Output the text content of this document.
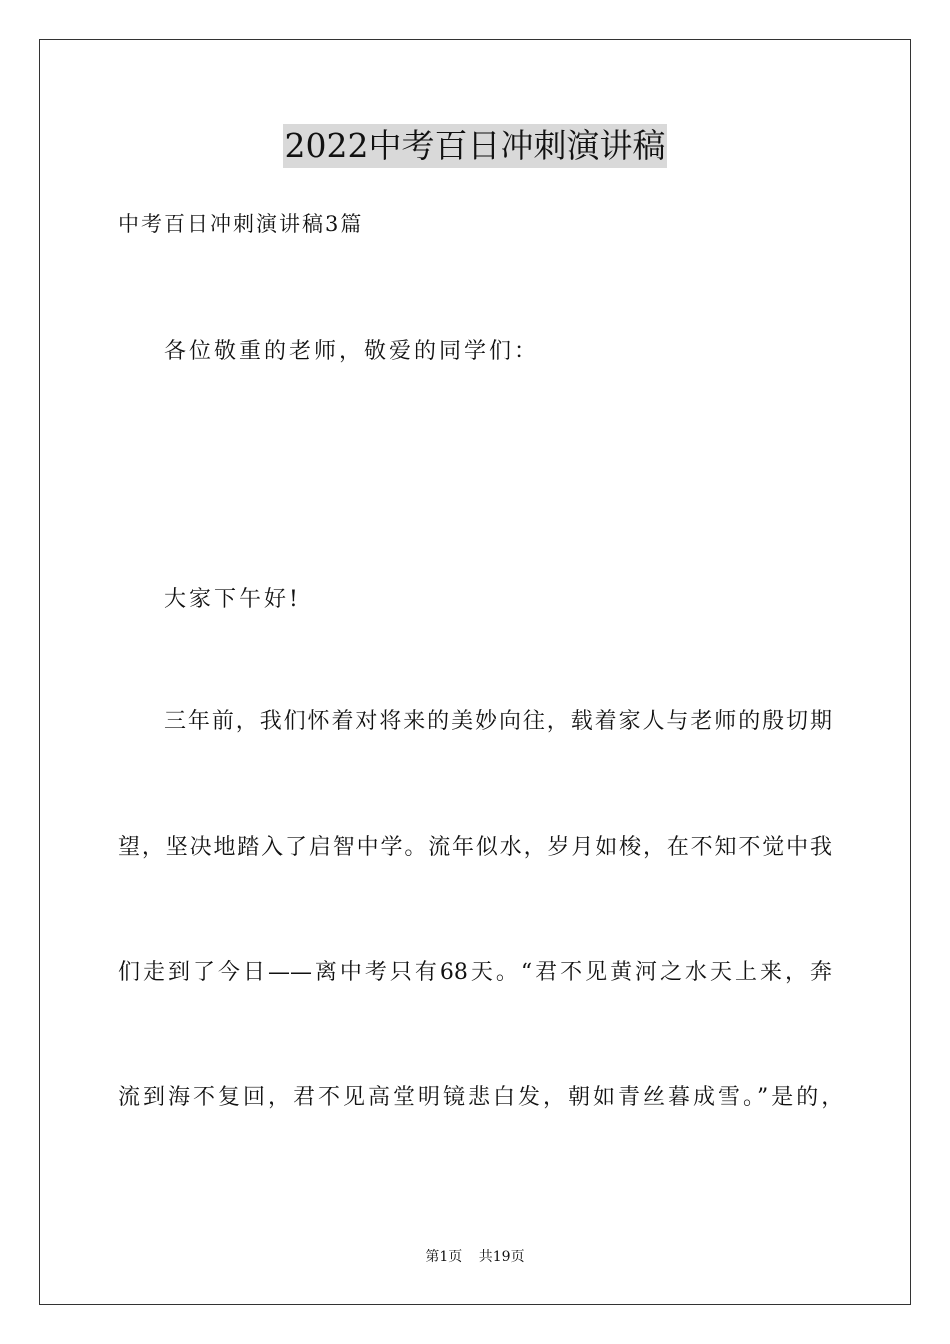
2022中考百日冲刺演讲稿
中考百日冲刺演讲稿3篇
各位敬重的老师，敬爱的同学们：
大家下午好!
三年前，我们怀着对将来的美妙向往，载着家人与老师的殷切期
望，坚决地踏入了启智中学。流年似水，岁月如梭，在不知不觉中我
们走到了今日——离中考只有68天。“君不见黄河之水天上来，奔
流到海不复回，君不见高堂明镜悲白发，朝如青丝暮成雪。”是的，
第1页 共19页
